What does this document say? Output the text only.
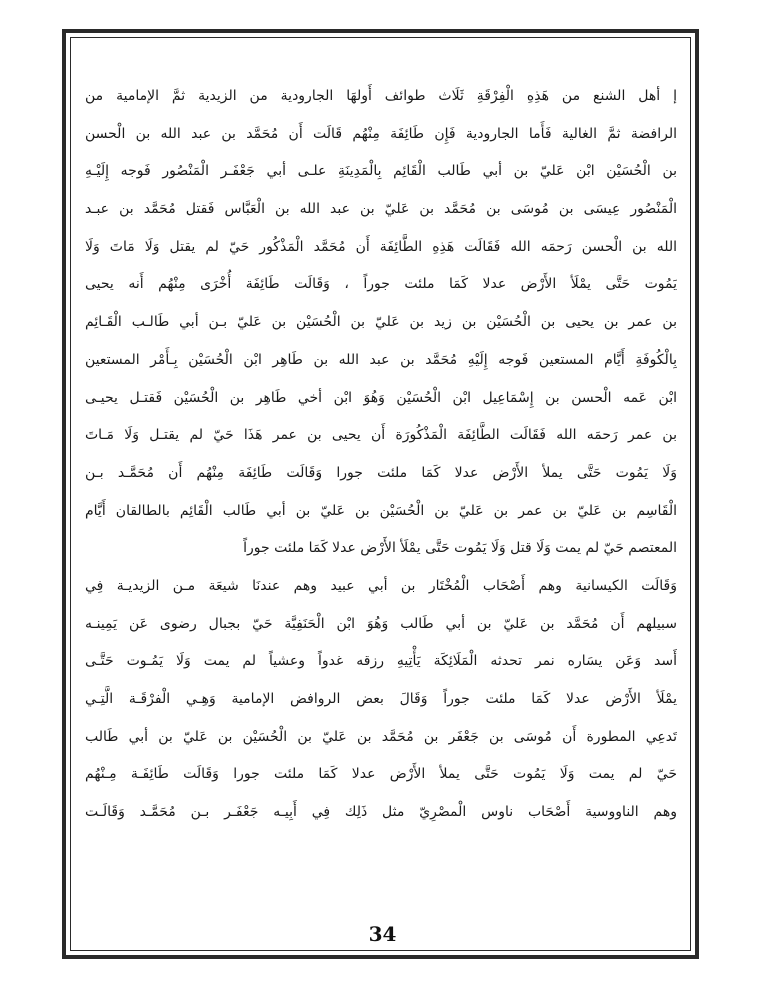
إ أهل الشنع من هَذِهِ الْفِرْقَةِ ثَلَاث طوائف أَولهَا الجارودية من الزيدية ثمَّ الإمامية من
الرافضة ثمَّ الغالية فَأَما الجارودية فَإِن طَائِفَة مِنْهُم قَالَت أَن مُحَمَّد بن عبد الله بن الْحسن
بن الْحُسَيْن ابْن عَليّ بن أبي طَالب الْقَائِم بِالْمَدِينَةِ علـى أبي جَعْفَـر الْمَنْصُور فَوجه إِلَيْـهِ
الْمَنْصُور عِيسَى بن مُوسَى بن مُحَمَّد بن عَليّ بن عبد الله بن الْعَبَّاس فَقتل مُحَمَّد بن عبـد
الله بن الْحسن رَحمَه الله فَقَالَت هَذِهِ الطَّائِفَة أَن مُحَمَّد الْمَذْكُور حَيّ لم يقتل وَلَا مَاتَ وَلَا
يَمُوت حَتَّى يمْلَأ الأَرْض عدلا كَمَا ملئت جوراً ، وَقَالَت طَائِفَة أُخْرَى مِنْهُم أَنه يحيى
بن عمر بن يحيى بن الْحُسَيْن بن زيد بن عَليّ بن الْحُسَيْن بن عَليّ بـن أبي طَالـب الْقَـائِم
بِالْكُوفَةِ أَيَّام المستعين فَوجه إِلَيْهِ مُحَمَّد بن عبد الله بن طَاهِر ابْن الْحُسَيْن بِـأَمْر المستعين
ابْن عَمه الْحسن بن إِسْمَاعِيل ابْن الْحُسَيْن وَهُوَ ابْن أخي طَاهِر بن الْحُسَيْن فَقتـل يحيـى
بن عمر رَحمَه الله فَقَالَت الطَّائِفَة الْمَذْكُورَة أَن يحيى بن عمر هَذَا حَيّ لم يقتـل وَلَا مَـاتَ
وَلَا يَمُوت حَتَّى يملأ الأَرْض عدلا كَمَا ملئت جورا وَقَالَت طَائِفَة مِنْهُم أَن مُحَمَّـد بـن
الْقَاسِم بن عَليّ بن عمر بن عَليّ بن الْحُسَيْن بن عَليّ بن أبي طَالب الْقَائِم بالطالقان أَيَّام
المعتصم حَيّ لم يمت وَلَا قتل وَلَا يَمُوت حَتَّى يمْلَأ الأَرْض عدلا كَمَا ملئت جوراً
وَقَالَت الكيسانية وهم أَصْحَاب الْمُخْتَار بن أبي عبيد وهم عندنَا شيعَة مـن الزيديـة فِي
سبيلهم أَن مُحَمَّد بن عَليّ بن أبي طَالب وَهُوَ ابْن الْحَنَفِيَّة حَيّ بجبال رضوى عَن يَمِينـه
أَسد وَعَن يسَاره نمر تحدثه الْمَلَائِكَة يَأْتِيهِ رزقه غدواً وعشياً لم يمت وَلَا يَمُـوت حَتَّـى
يمْلَأ الأَرْض عدلا كَمَا ملئت جوراً وَقَالَ بعض الروافض الإمامية وَهِـي الْفرْقَـة الَّتِـي
تَدعِي المطورة أَن مُوسَى بن جَعْفَر بن مُحَمَّد بن عَليّ بن الْحُسَيْن بن عَليّ بن أبي طَالب
حَيّ لم يمت وَلَا يَمُوت حَتَّى يملأ الأَرْض عدلا كَمَا ملئت جورا وَقَالَت طَائِفَـة مِـنْهُم
وهم الناووسية أَصْحَاب ناوس الْمصْرِيّ مثل ذَلِك فِي أَبِيـه جَعْفَـر بـن مُحَمَّـد وَقَالَـت
34
